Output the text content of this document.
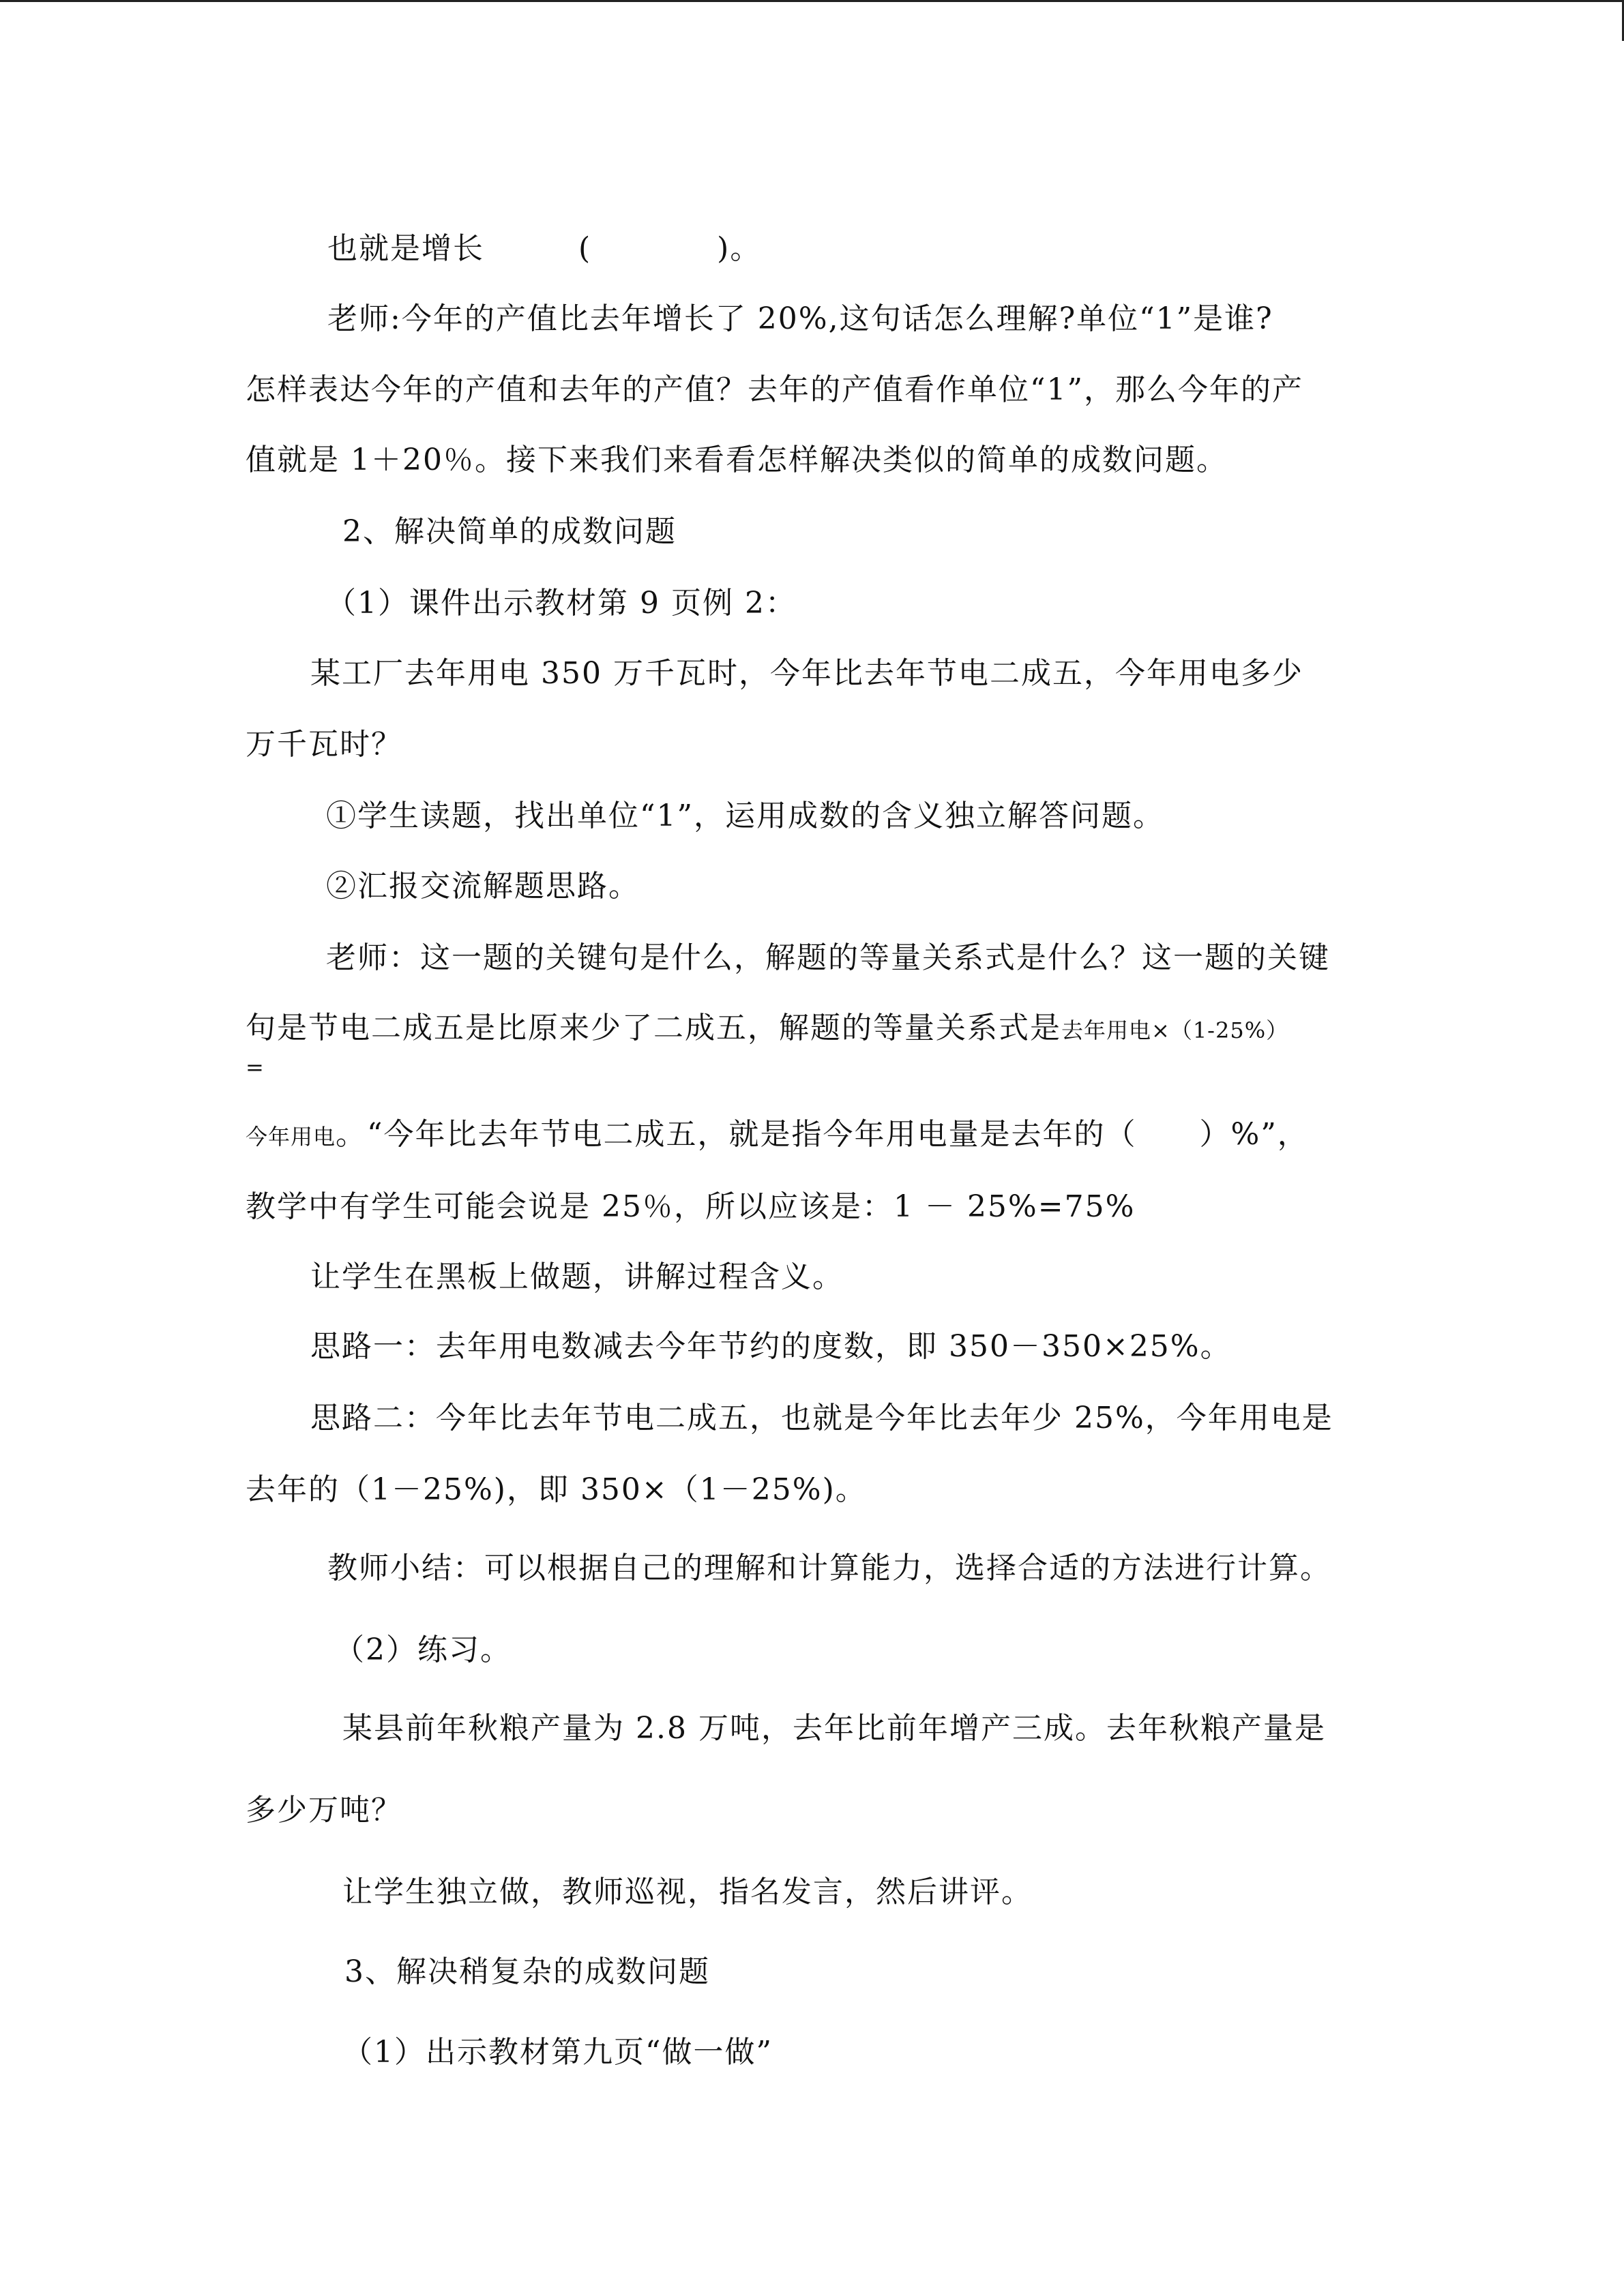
也就是增长　　　(　　　　)。
老师:今年的产值比去年增长了 20%,这句话怎么理解?单位“1”是谁?
怎样表达今年的产值和去年的产值？去年的产值看作单位“1”，那么今年的产
值就是 1＋20％。接下来我们来看看怎样解决类似的简单的成数问题。
2、解决简单的成数问题
（1）课件出示教材第 9 页例 2：
某工厂去年用电 350 万千瓦时，今年比去年节电二成五，今年用电多少
万千瓦时？
①学生读题，找出单位“1”，运用成数的含义独立解答问题。
②汇报交流解题思路。
老师：这一题的关键句是什么，解题的等量关系式是什么？这一题的关键
句是节电二成五是比原来少了二成五，解题的等量关系式是去年用电×（1-25%）
=
今年用电。“今年比去年节电二成五，就是指今年用电量是去年的（　　）%”，
教学中有学生可能会说是 25％，所以应该是：1 － 25%=75%
让学生在黑板上做题，讲解过程含义。
思路一：去年用电数减去今年节约的度数，即 350－350×25%。
思路二：今年比去年节电二成五，也就是今年比去年少 25%，今年用电是
去年的（1－25%)，即 350×（1－25%)。
教师小结：可以根据自己的理解和计算能力，选择合适的方法进行计算。
（2）练习。
某县前年秋粮产量为 2.8 万吨，去年比前年增产三成。去年秋粮产量是
多少万吨？
让学生独立做，教师巡视，指名发言，然后讲评。
3、解决稍复杂的成数问题
（1）出示教材第九页“做一做”
